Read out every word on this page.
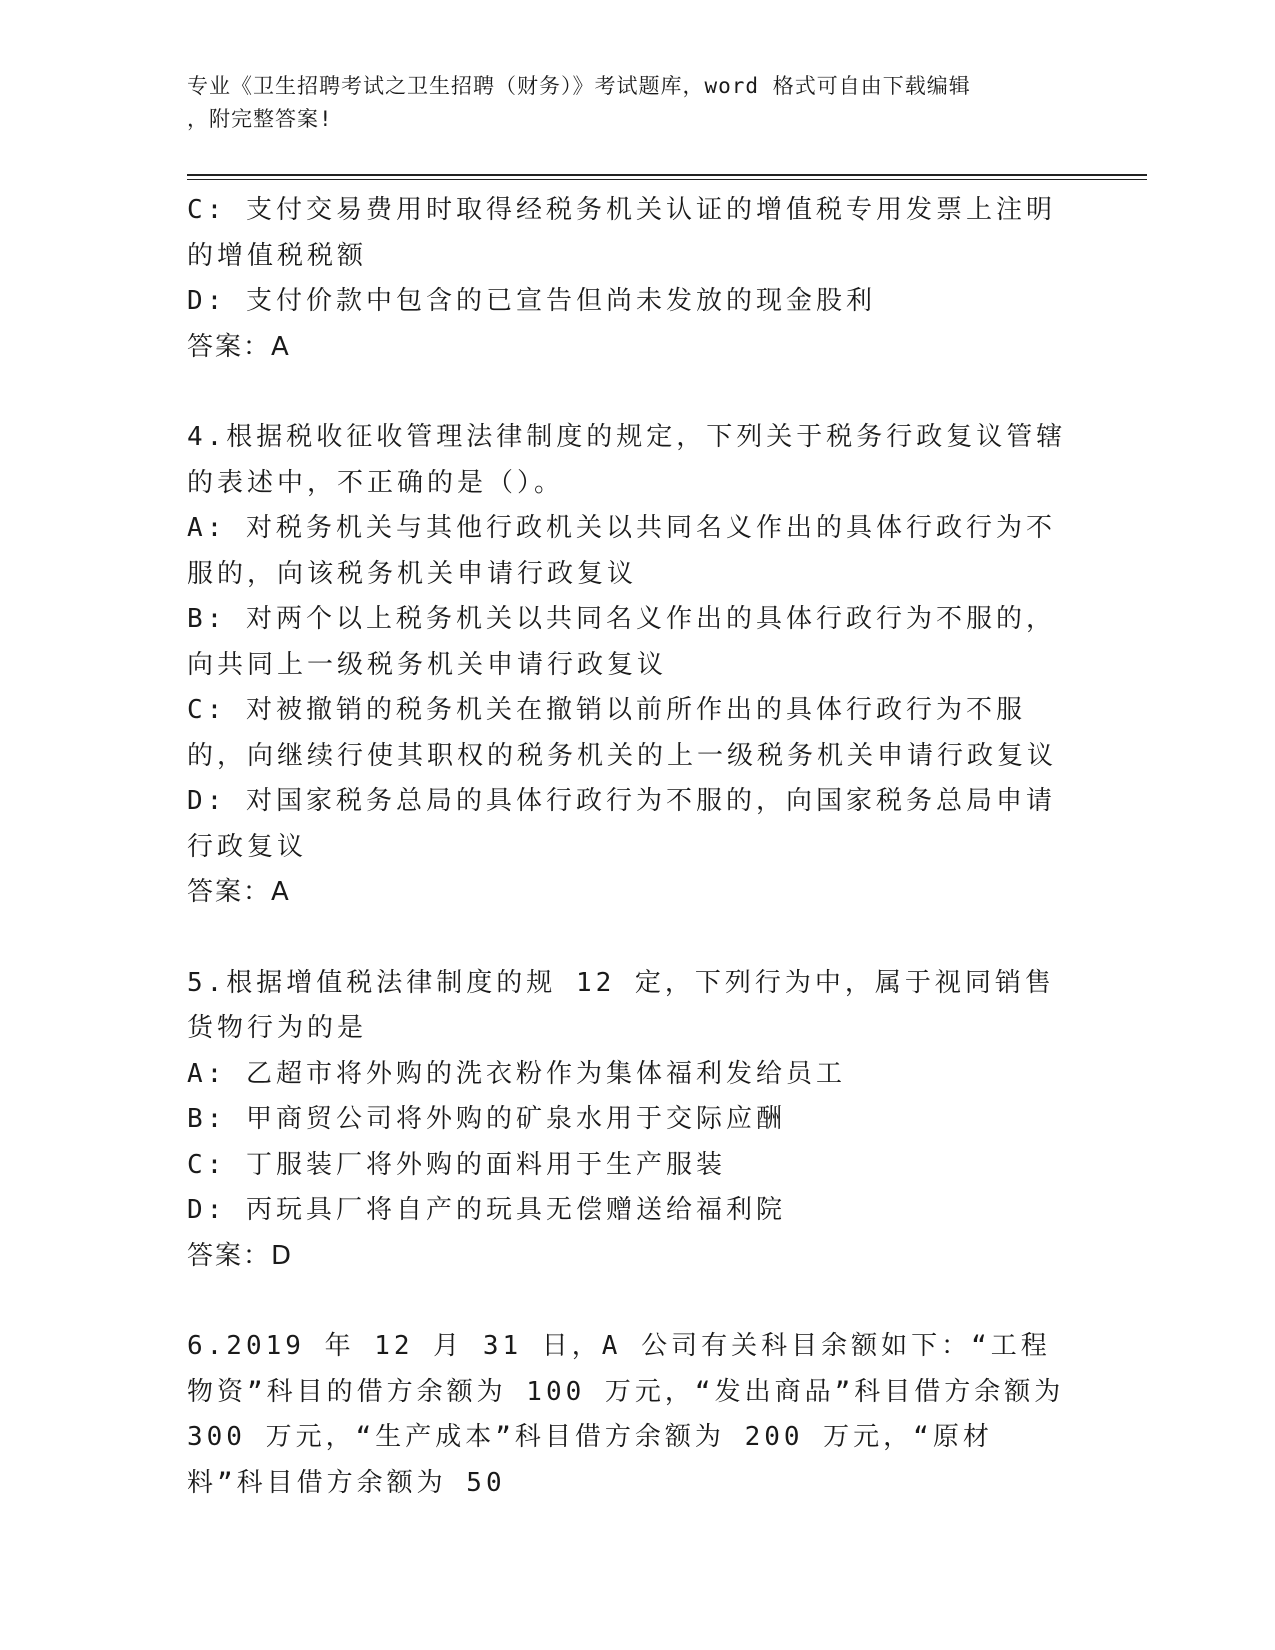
专业《卫生招聘考试之卫生招聘（财务）》考试题库，word 格式可自由下载编辑
，附完整答案!
C: 支付交易费用时取得经税务机关认证的增值税专用发票上注明的增值税税额
D: 支付价款中包含的已宣告但尚未发放的现金股利
答案：A
4.根据税收征收管理法律制度的规定，下列关于税务行政复议管辖的表述中，不正确的是（）。
A: 对税务机关与其他行政机关以共同名义作出的具体行政行为不服的，向该税务机关申请行政复议
B: 对两个以上税务机关以共同名义作出的具体行政行为不服的，向共同上一级税务机关申请行政复议
C: 对被撤销的税务机关在撤销以前所作出的具体行政行为不服的，向继续行使其职权的税务机关的上一级税务机关申请行政复议
D: 对国家税务总局的具体行政行为不服的，向国家税务总局申请行政复议
答案：A
5.根据增值税法律制度的规 12 定，下列行为中，属于视同销售货物行为的是
A: 乙超市将外购的洗衣粉作为集体福利发给员工
B: 甲商贸公司将外购的矿泉水用于交际应酬
C: 丁服装厂将外购的面料用于生产服装
D: 丙玩具厂将自产的玩具无偿赠送给福利院
答案：D
6.2019 年 12 月 31 日，A 公司有关科目余额如下：“工程物资”科目的借方余额为 100 万元，“发出商品”科目借方余额为 300 万元，“生产成本”科目借方余额为 200 万元，“原材料”科目借方余额为 50
